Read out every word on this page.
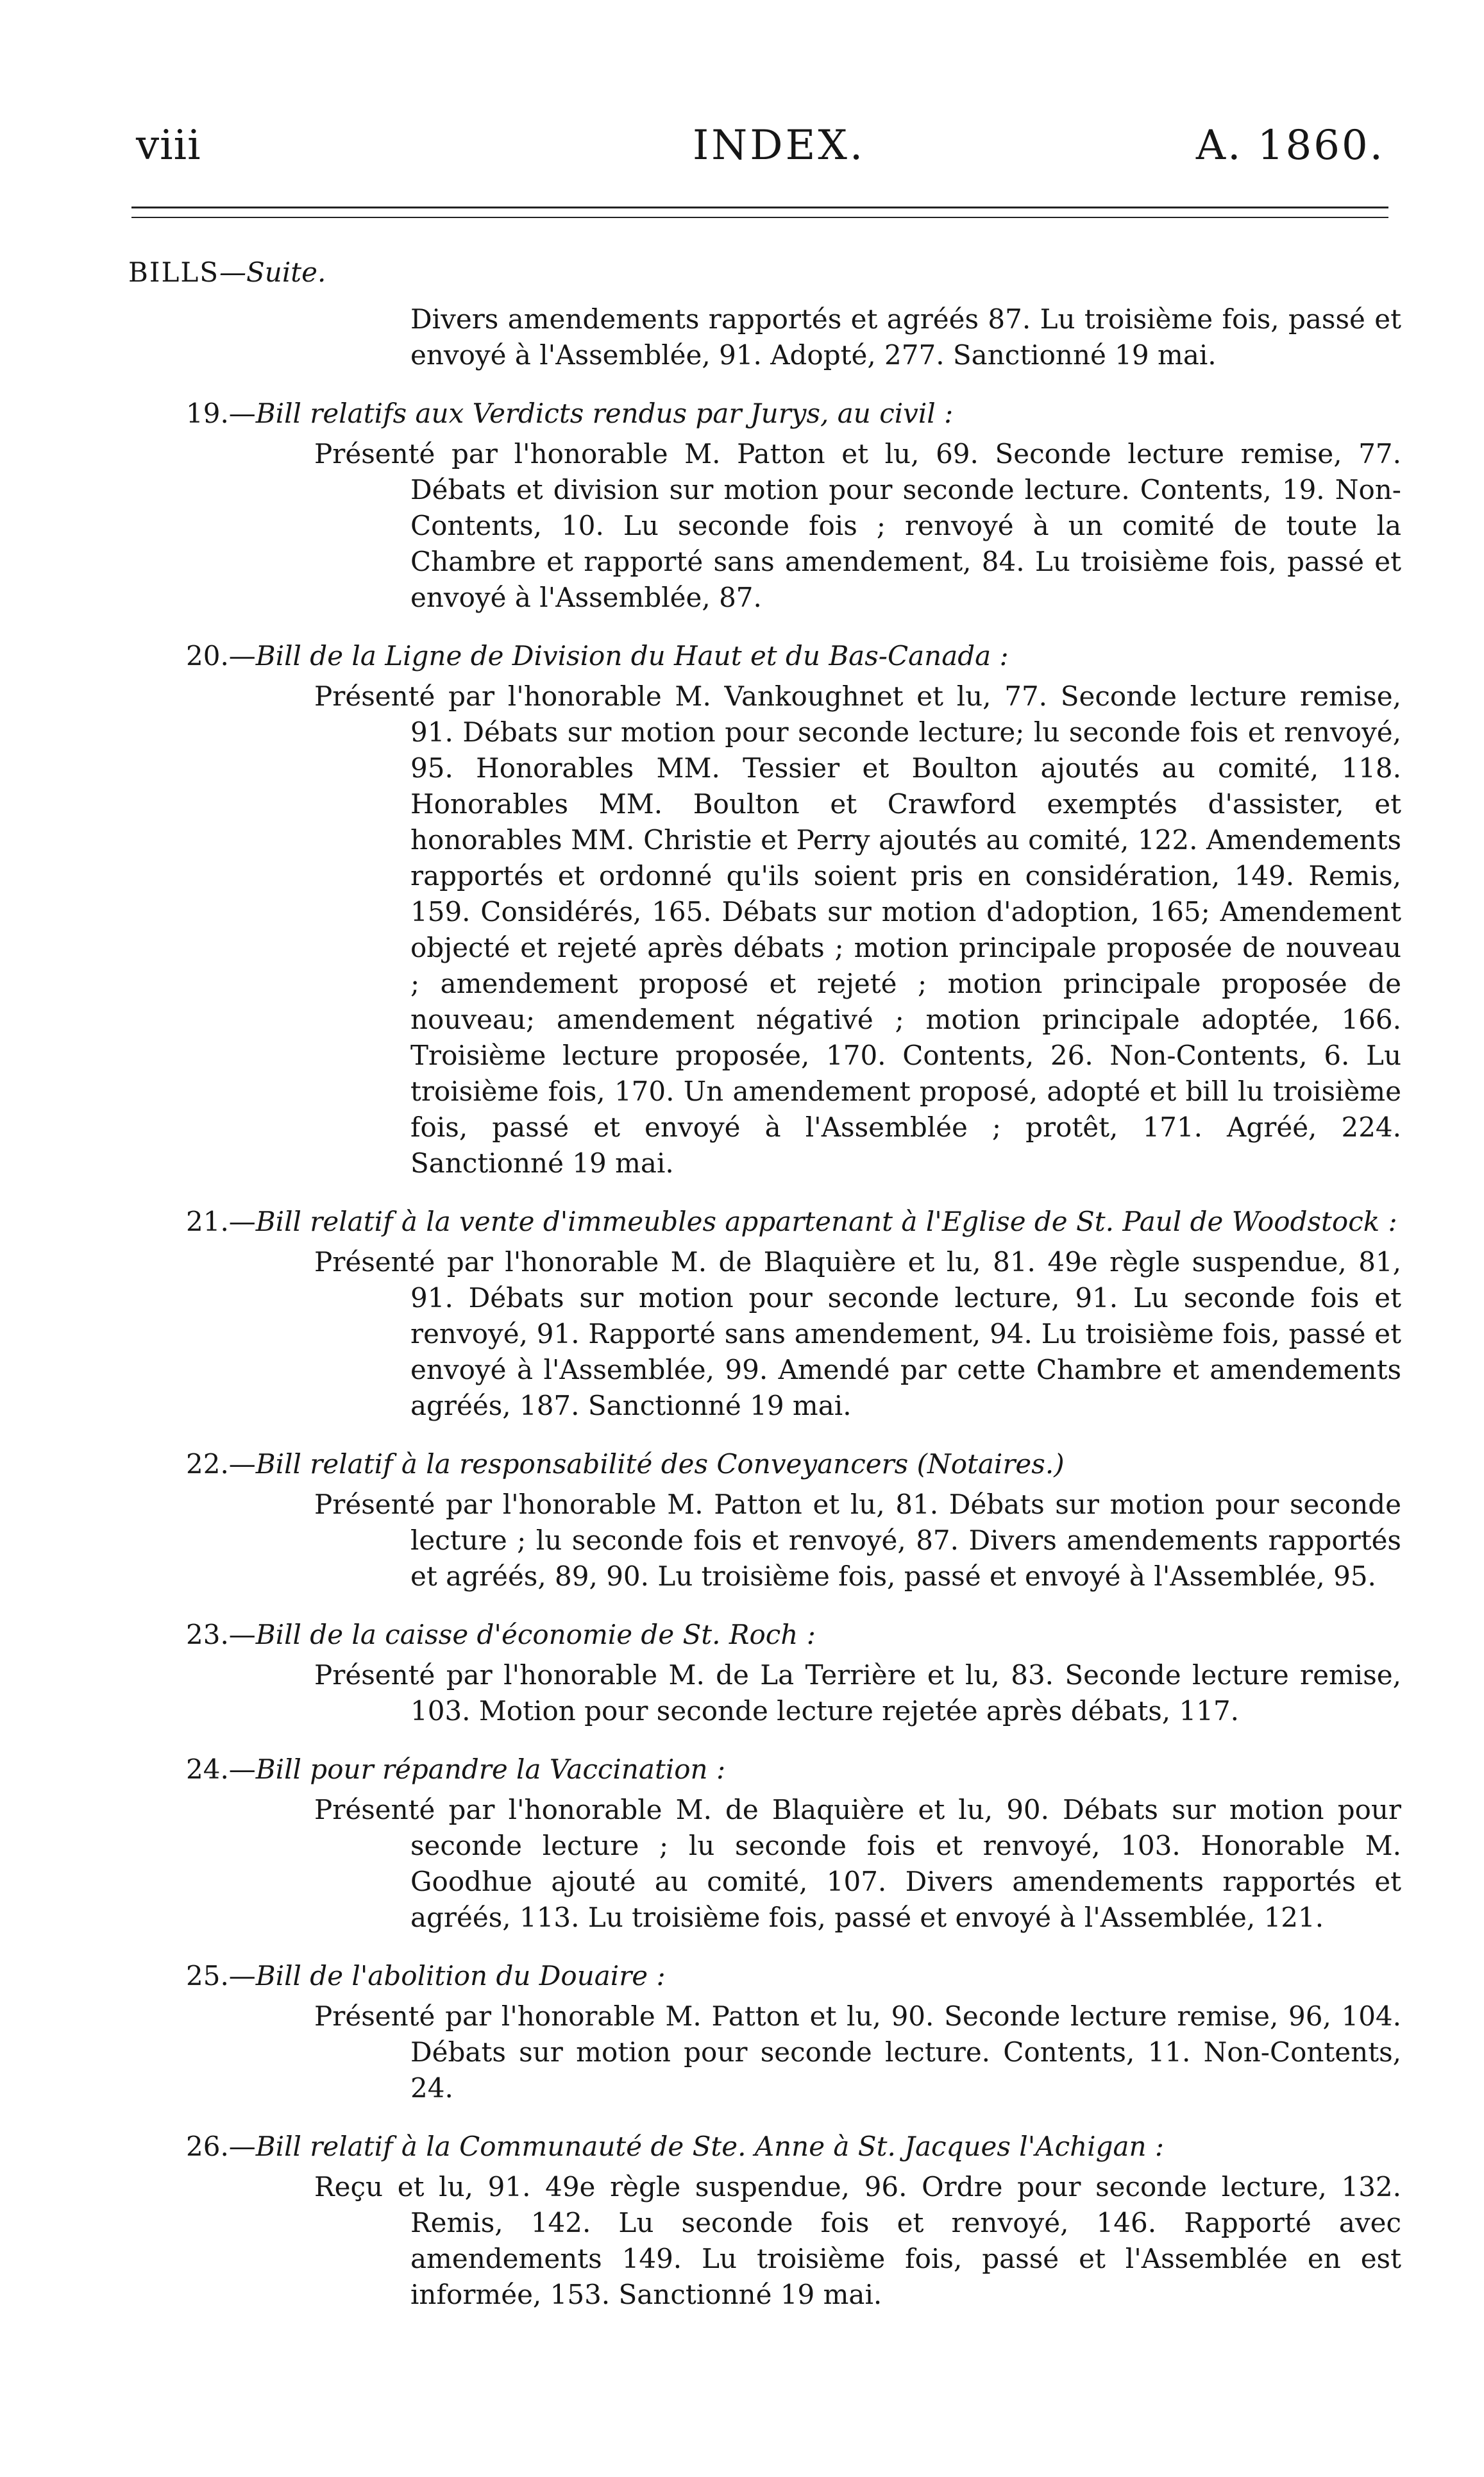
viii	INDEX.	A. 1860.
BILLS—Suite.
Divers amendements rapportés et agréés 87. Lu troisième fois, passé et envoyé à l'Assemblée, 91. Adopté, 277. Sanctionné 19 mai.
19.—Bill relatifs aux Verdicts rendus par Jurys, au civil :
Présenté par l'honorable M. Patton et lu, 69. Seconde lecture remise, 77. Débats et division sur motion pour seconde lecture. Contents, 19. Non-Contents, 10. Lu seconde fois ; renvoyé à un comité de toute la Chambre et rapporté sans amendement, 84. Lu troisième fois, passé et envoyé à l'Assemblée, 87.
20.—Bill de la Ligne de Division du Haut et du Bas-Canada :
Présenté par l'honorable M. Vankoughnet et lu, 77. Seconde lecture remise, 91. Débats sur motion pour seconde lecture; lu seconde fois et renvoyé, 95. Honorables MM. Tessier et Boulton ajoutés au comité, 118. Honorables MM. Boulton et Crawford exemptés d'assister, et honorables MM. Christie et Perry ajoutés au comité, 122. Amendements rapportés et ordonné qu'ils soient pris en considération, 149. Remis, 159. Considérés, 165. Débats sur motion d'adoption, 165; Amendement objecté et rejeté après débats ; motion principale proposée de nouveau ; amendement proposé et rejeté ; motion principale proposée de nouveau; amendement négativé ; motion principale adoptée, 166. Troisième lecture proposée, 170. Contents, 26. Non-Contents, 6. Lu troisième fois, 170. Un amendement proposé, adopté et bill lu troisième fois, passé et envoyé à l'Assemblée ; protêt, 171. Agréé, 224. Sanctionné 19 mai.
21.—Bill relatif à la vente d'immeubles appartenant à l'Eglise de St. Paul de Woodstock :
Présenté par l'honorable M. de Blaquière et lu, 81. 49e règle suspendue, 81, 91. Débats sur motion pour seconde lecture, 91. Lu seconde fois et renvoyé, 91. Rapporté sans amendement, 94. Lu troisième fois, passé et envoyé à l'Assemblée, 99. Amendé par cette Chambre et amendements agréés, 187. Sanctionné 19 mai.
22.—Bill relatif à la responsabilité des Conveyancers (Notaires.)
Présenté par l'honorable M. Patton et lu, 81. Débats sur motion pour seconde lecture ; lu seconde fois et renvoyé, 87. Divers amendements rapportés et agréés, 89, 90. Lu troisième fois, passé et envoyé à l'Assemblée, 95.
23.—Bill de la caisse d'économie de St. Roch :
Présenté par l'honorable M. de La Terrière et lu, 83. Seconde lecture remise, 103. Motion pour seconde lecture rejetée après débats, 117.
24.—Bill pour répandre la Vaccination :
Présenté par l'honorable M. de Blaquière et lu, 90. Débats sur motion pour seconde lecture ; lu seconde fois et renvoyé, 103. Honorable M. Goodhue ajouté au comité, 107. Divers amendements rapportés et agréés, 113. Lu troisième fois, passé et envoyé à l'Assemblée, 121.
25.—Bill de l'abolition du Douaire :
Présenté par l'honorable M. Patton et lu, 90. Seconde lecture remise, 96, 104. Débats sur motion pour seconde lecture. Contents, 11. Non-Contents, 24.
26.—Bill relatif à la Communauté de Ste. Anne à St. Jacques l'Achigan :
Reçu et lu, 91. 49e règle suspendue, 96. Ordre pour seconde lecture, 132. Remis, 142. Lu seconde fois et renvoyé, 146. Rapporté avec amendements 149. Lu troisième fois, passé et l'Assemblée en est informée, 153. Sanctionné 19 mai.
